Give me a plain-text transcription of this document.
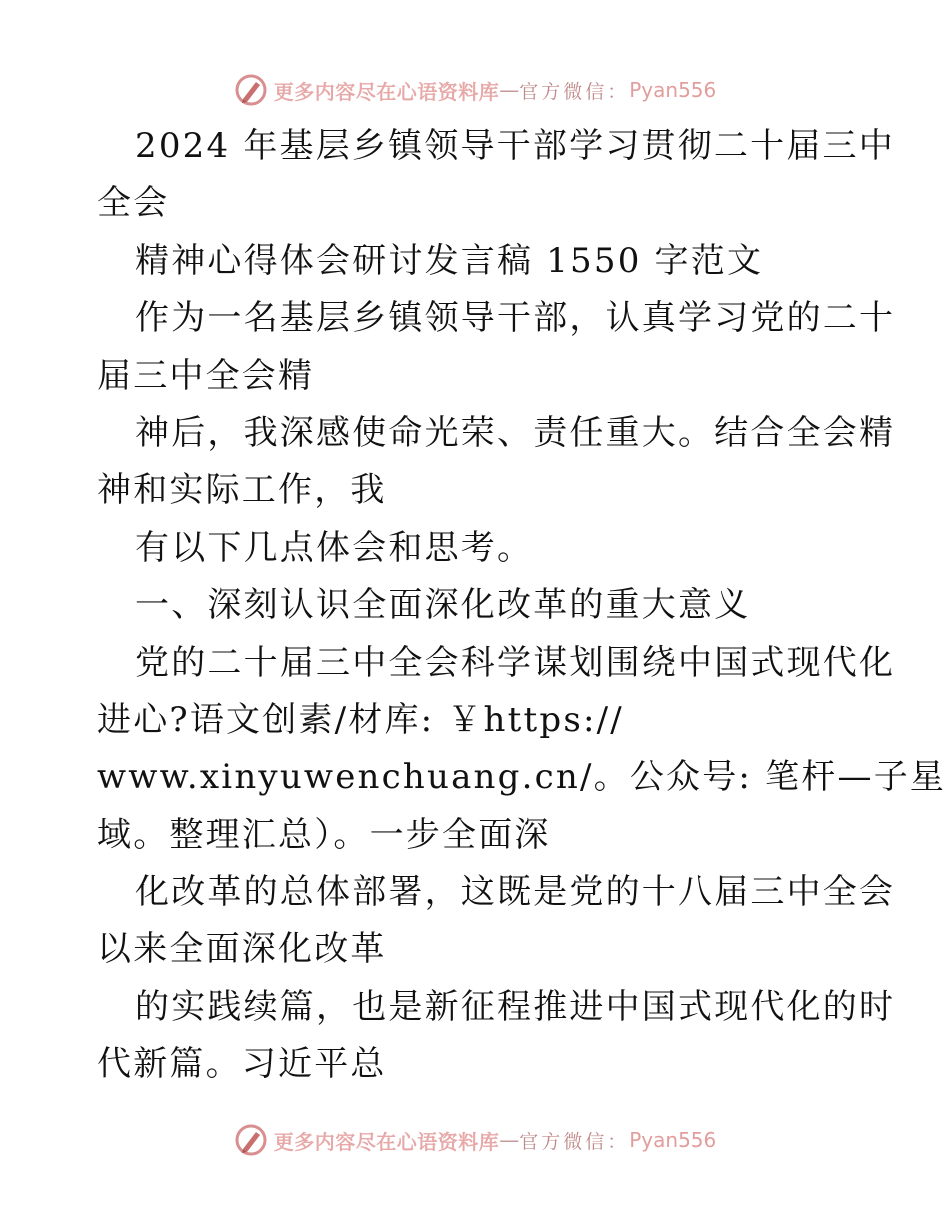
更多内容尽在心语资料库 — 官方微信： Pyan556
2024 年基层乡镇领导干部学习贯彻二十届三中
全会
精神心得体会研讨发言稿 1550 字范文
作为一名基层乡镇领导干部，认真学习党的二十
届三中全会精
神后，我深感使命光荣、责任重大。结合全会精
神和实际工作，我
有以下几点体会和思考。
一、深刻认识全面深化改革的重大意义
党的二十届三中全会科学谋划围绕中国式现代化
进心?语文创素/材库: ￥https://
www.xinyuwenchuang.cn/。公众号: 笔杆—子星
域。整理汇总）。一步全面深
化改革的总体部署，这既是党的十八届三中全会
以来全面深化改革
的实践续篇，也是新征程推进中国式现代化的时
代新篇。习近平总
更多内容尽在心语资料库 — 官方微信： Pyan556
